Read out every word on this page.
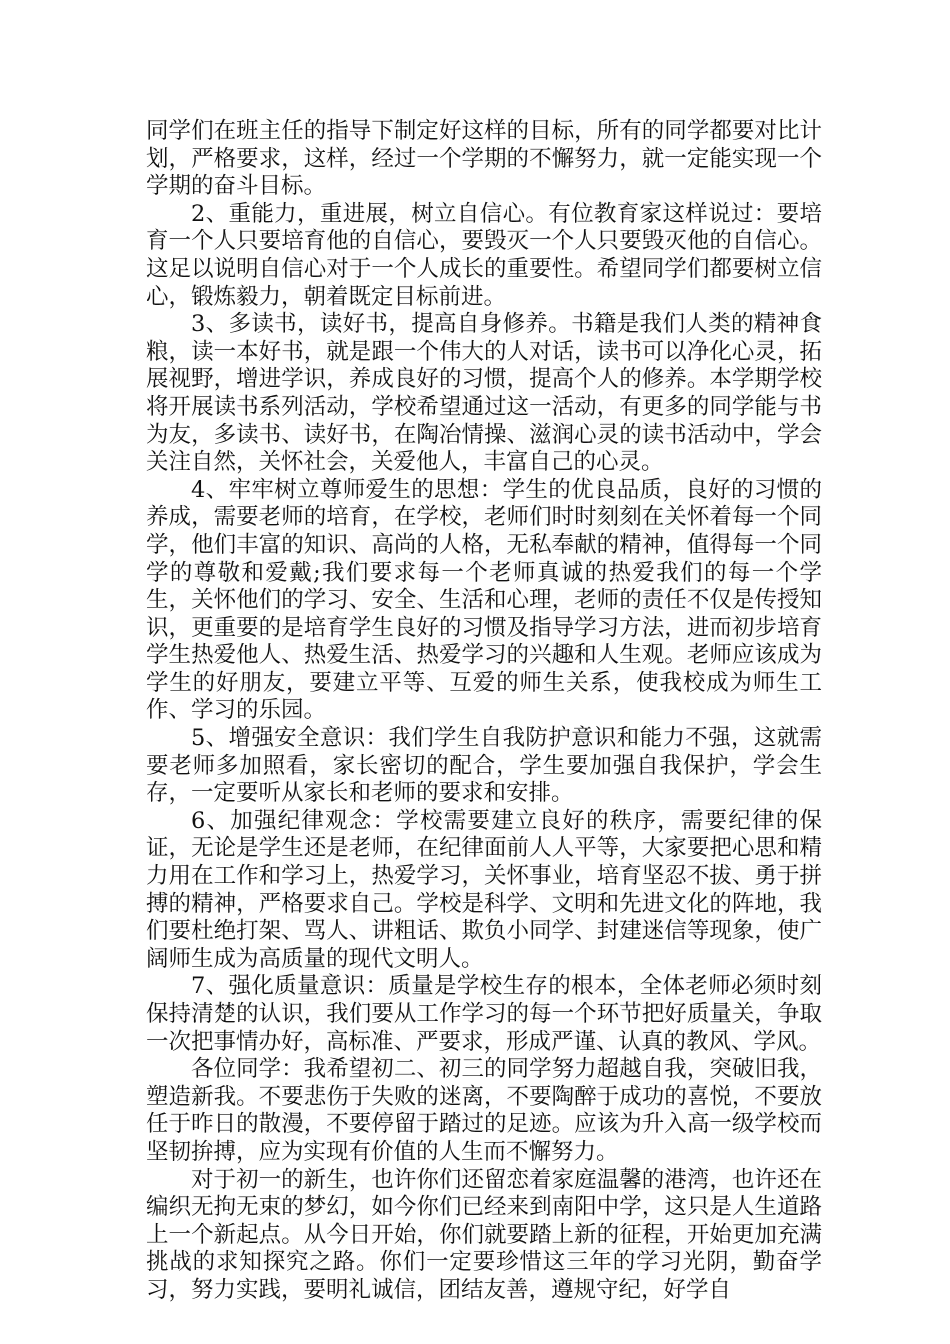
同学们在班主任的指导下制定好这样的目标，所有的同学都要对比计划，严格要求，这样，经过一个学期的不懈努力，就一定能实现一个学期的奋斗目标。

2、重能力，重进展，树立自信心。有位教育家这样说过：要培育一个人只要培育他的自信心，要毁灭一个人只要毁灭他的自信心。这足以说明自信心对于一个人成长的重要性。希望同学们都要树立信心，锻炼毅力，朝着既定目标前进。

3、多读书，读好书，提高自身修养。书籍是我们人类的精神食粮，读一本好书，就是跟一个伟大的人对话，读书可以净化心灵，拓展视野，增进学识，养成良好的习惯，提高个人的修养。本学期学校将开展读书系列活动，学校希望通过这一活动，有更多的同学能与书为友，多读书、读好书，在陶冶情操、滋润心灵的读书活动中，学会关注自然，关怀社会，关爱他人，丰富自己的心灵。

4、牢牢树立尊师爱生的思想：学生的优良品质，良好的习惯的养成，需要老师的培育，在学校，老师们时时刻刻在关怀着每一个同学，他们丰富的知识、高尚的人格，无私奉献的精神，值得每一个同学的尊敬和爱戴;我们要求每一个老师真诚的热爱我们的每一个学生，关怀他们的学习、安全、生活和心理，老师的责任不仅是传授知识，更重要的是培育学生良好的习惯及指导学习方法，进而初步培育学生热爱他人、热爱生活、热爱学习的兴趣和人生观。老师应该成为学生的好朋友，要建立平等、互爱的师生关系，使我校成为师生工作、学习的乐园。

5、增强安全意识：我们学生自我防护意识和能力不强，这就需要老师多加照看，家长密切的配合，学生要加强自我保护，学会生存，一定要听从家长和老师的要求和安排。

6、加强纪律观念：学校需要建立良好的秩序，需要纪律的保证，无论是学生还是老师，在纪律面前人人平等，大家要把心思和精力用在工作和学习上，热爱学习，关怀事业，培育坚忍不拔、勇于拼搏的精神，严格要求自己。学校是科学、文明和先进文化的阵地，我们要杜绝打架、骂人、讲粗话、欺负小同学、封建迷信等现象，使广阔师生成为高质量的现代文明人。

7、强化质量意识：质量是学校生存的根本，全体老师必须时刻保持清楚的认识，我们要从工作学习的每一个环节把好质量关，争取一次把事情办好，高标准、严要求，形成严谨、认真的教风、学风。

各位同学：我希望初二、初三的同学努力超越自我，突破旧我，塑造新我。不要悲伤于失败的迷离，不要陶醉于成功的喜悦，不要放任于昨日的散漫，不要停留于踏过的足迹。应该为升入高一级学校而坚韧拚搏，应为实现有价值的人生而不懈努力。

对于初一的新生，也许你们还留恋着家庭温馨的港湾，也许还在编织无拘无束的梦幻，如今你们已经来到南阳中学，这只是人生道路上一个新起点。从今日开始，你们就要踏上新的征程，开始更加充满挑战的求知探究之路。你们一定要珍惜这三年的学习光阴，勤奋学习，努力实践，要明礼诚信，团结友善，遵规守纪，好学自
